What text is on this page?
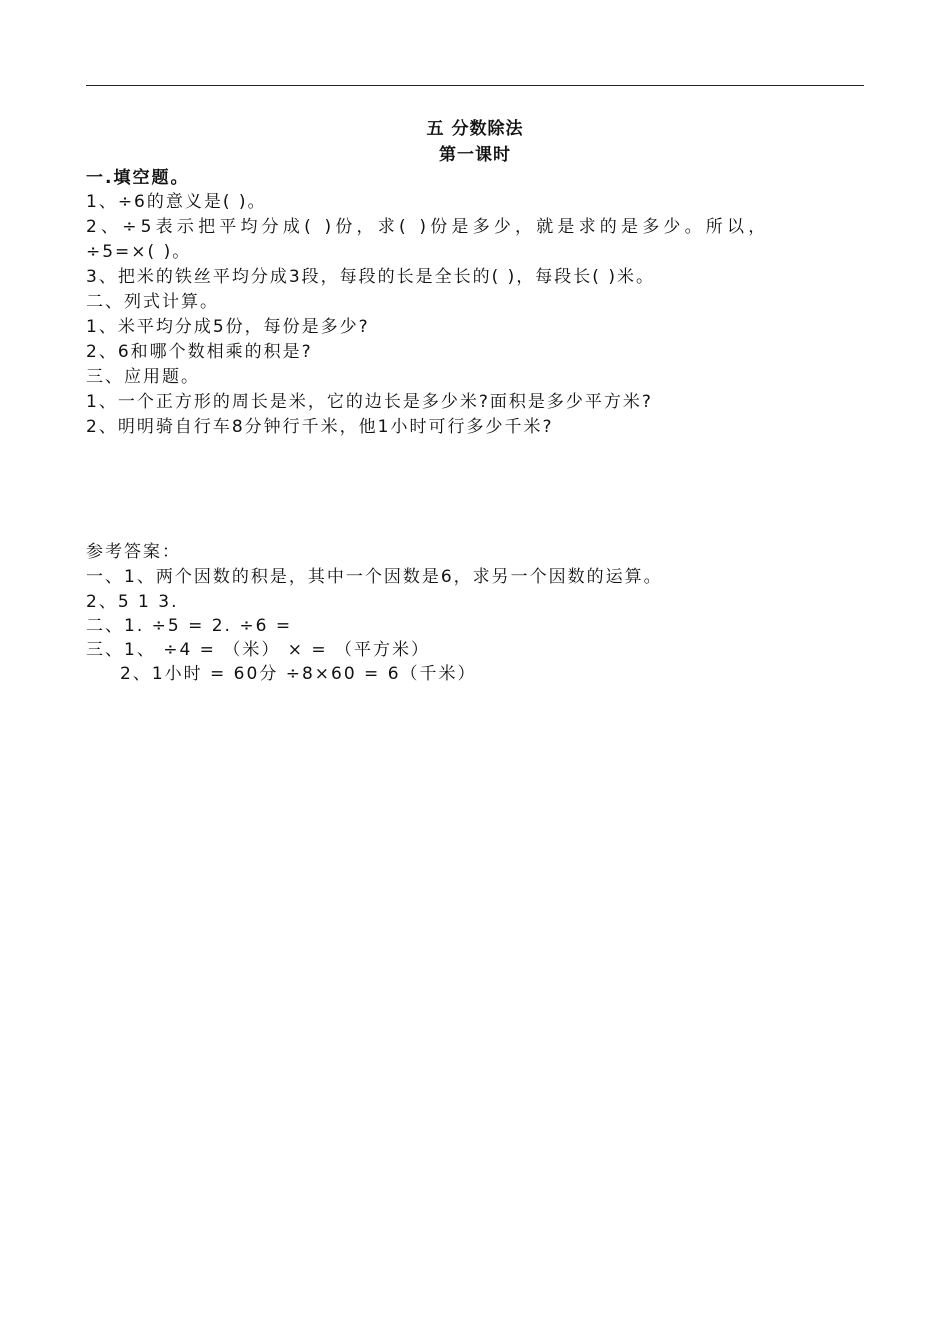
五 分数除法
第一课时
一.填空题。
1、÷6的意义是( )。
2、÷5表示把平均分成( )份，求( )份是多少，就是求的是多少。所以，
÷5=×( )。
3、把米的铁丝平均分成3段，每段的长是全长的( )，每段长( )米。
二、列式计算。
1、米平均分成5份，每份是多少?
2、6和哪个数相乘的积是?
三、应用题。
1、一个正方形的周长是米，它的边长是多少米?面积是多少平方米?
2、明明骑自行车8分钟行千米，他1小时可行多少千米?
参考答案：
一、1、两个因数的积是，其中一个因数是6，求另一个因数的运算。
2、5 1 3.
二、1. ÷5 = 2. ÷6 =
三、1、 ÷4 = （米） × = （平方米）
2、1小时 = 60分 ÷8×60 = 6（千米）
